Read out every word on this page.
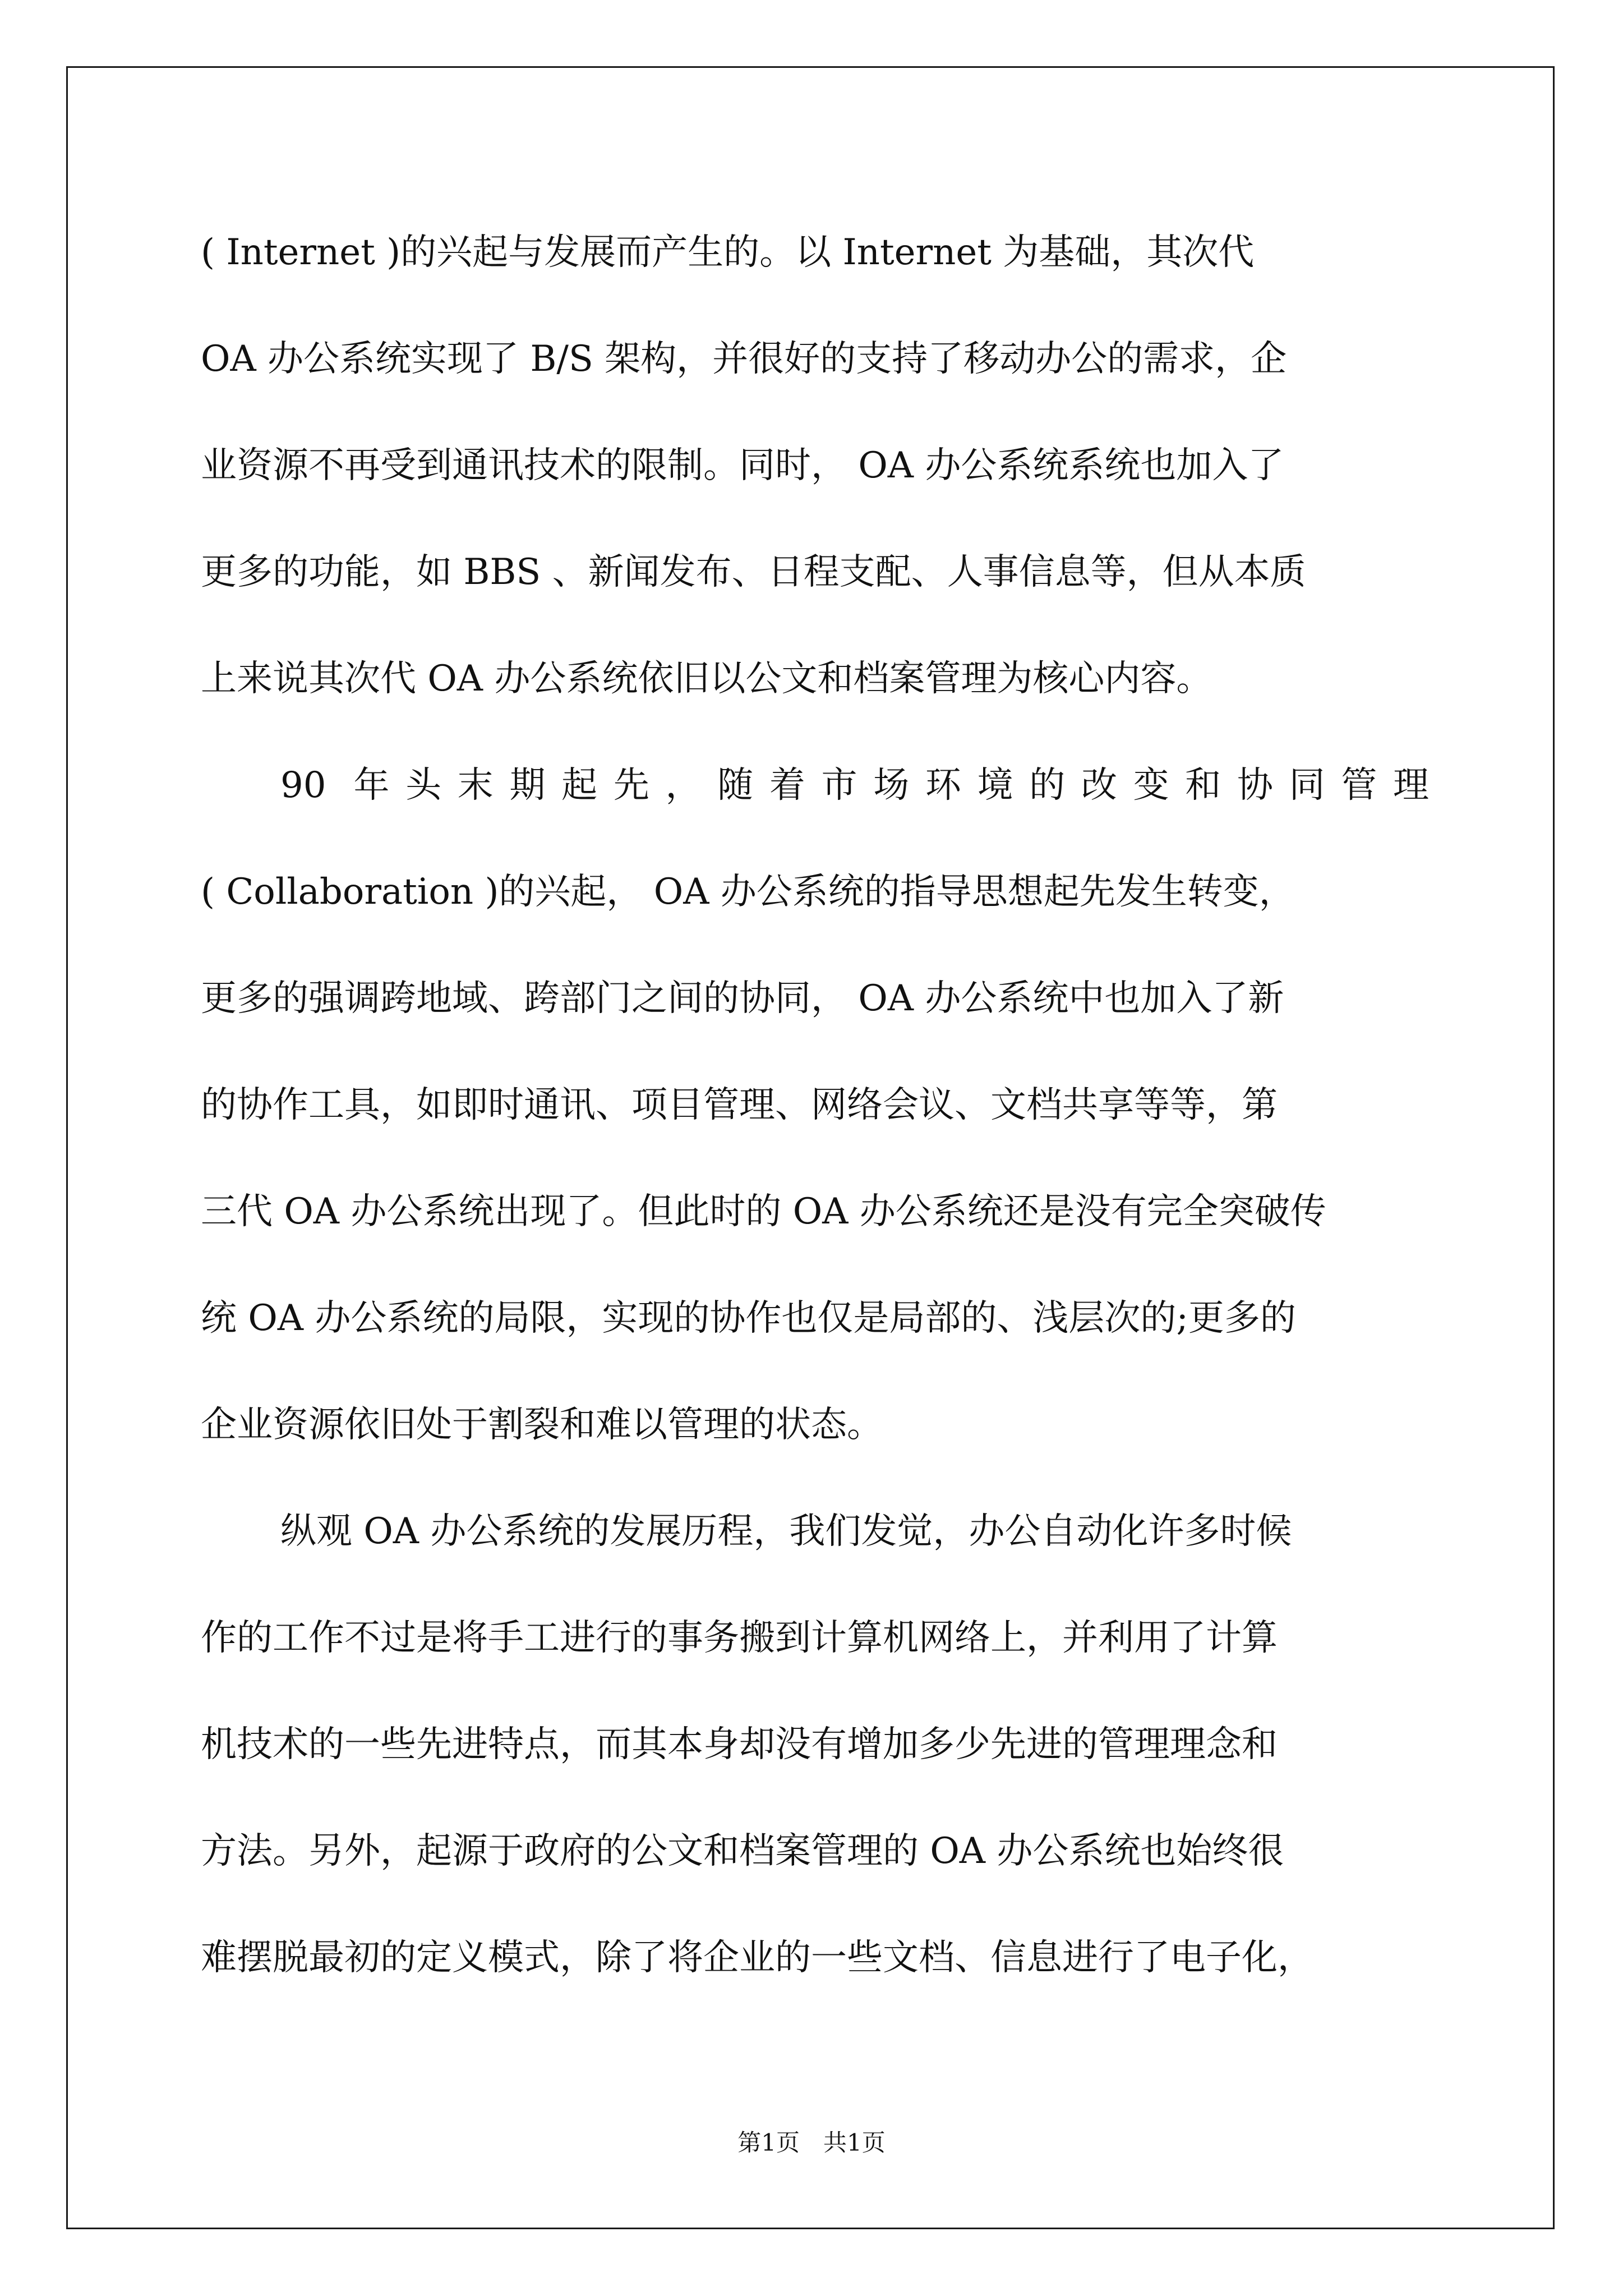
( Internet )的兴起与发展而产生的。以 Internet 为基础，其次代
OA 办公系统实现了 B/S 架构，并很好的支持了移动办公的需求，企
业资源不再受到通讯技术的限制。同时， OA 办公系统系统也加入了
更多的功能，如 BBS 、新闻发布、日程支配、人事信息等，但从本质
上来说其次代 OA 办公系统依旧以公文和档案管理为核心内容。
90 年头末期起先，随着市场环境的改变和协同管理
( Collaboration )的兴起， OA 办公系统的指导思想起先发生转变，
更多的强调跨地域、跨部门之间的协同， OA 办公系统中也加入了新
的协作工具，如即时通讯、项目管理、网络会议、文档共享等等，第
三代 OA 办公系统出现了。但此时的 OA 办公系统还是没有完全突破传
统 OA 办公系统的局限，实现的协作也仅是局部的、浅层次的;更多的
企业资源依旧处于割裂和难以管理的状态。
纵观 OA 办公系统的发展历程，我们发觉，办公自动化许多时候
作的工作不过是将手工进行的事务搬到计算机网络上，并利用了计算
机技术的一些先进特点，而其本身却没有增加多少先进的管理理念和
方法。另外，起源于政府的公文和档案管理的 OA 办公系统也始终很
难摆脱最初的定义模式，除了将企业的一些文档、信息进行了电子化，
第1页　共1页
